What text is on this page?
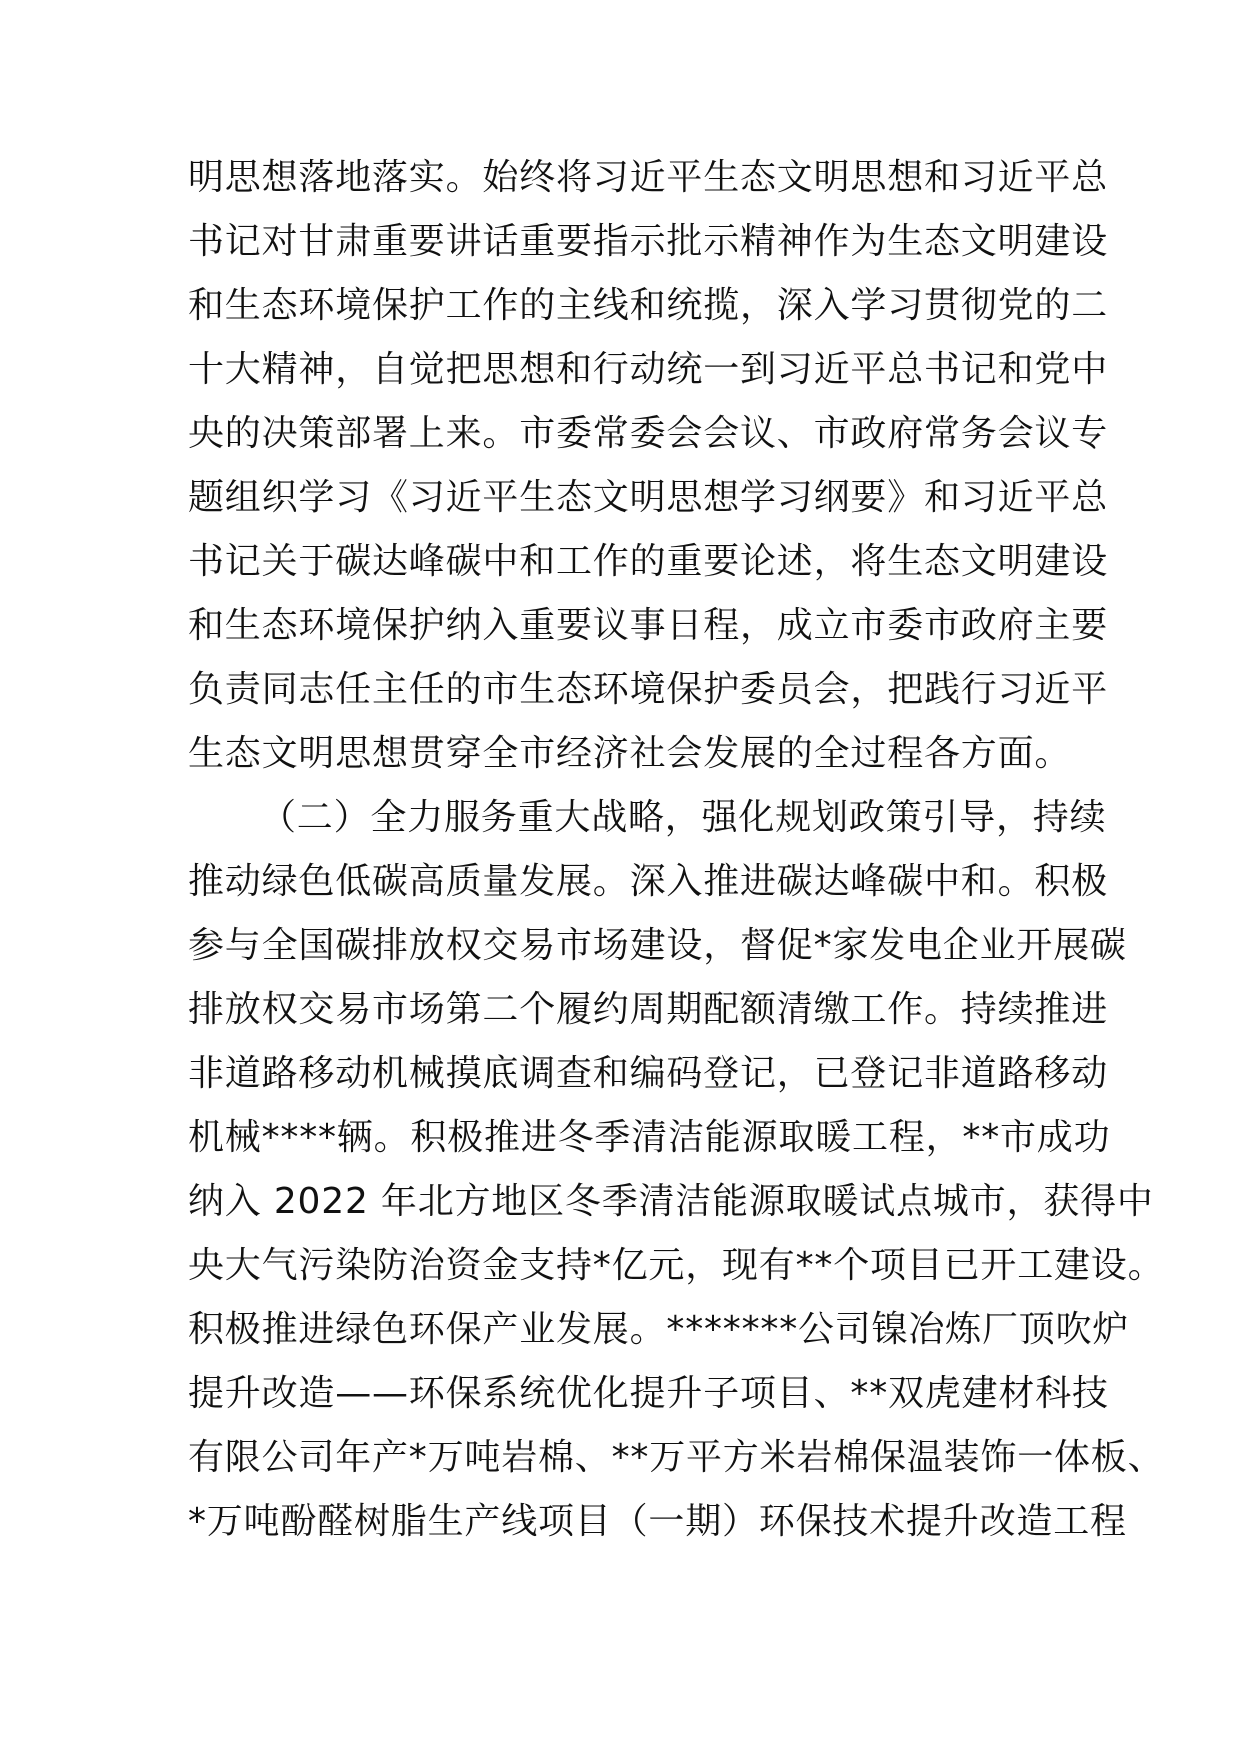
明思想落地落实。始终将习近平生态文明思想和习近平总
书记对甘肃重要讲话重要指示批示精神作为生态文明建设
和生态环境保护工作的主线和统揽，深入学习贯彻党的二
十大精神，自觉把思想和行动统一到习近平总书记和党中
央的决策部署上来。市委常委会会议、市政府常务会议专
题组织学习《习近平生态文明思想学习纲要》和习近平总
书记关于碳达峰碳中和工作的重要论述，将生态文明建设
和生态环境保护纳入重要议事日程，成立市委市政府主要
负责同志任主任的市生态环境保护委员会，把践行习近平
生态文明思想贯穿全市经济社会发展的全过程各方面。
（二）全力服务重大战略，强化规划政策引导，持续
推动绿色低碳高质量发展。深入推进碳达峰碳中和。积极
参与全国碳排放权交易市场建设，督促*家发电企业开展碳
排放权交易市场第二个履约周期配额清缴工作。持续推进
非道路移动机械摸底调查和编码登记，已登记非道路移动
机械****辆。积极推进冬季清洁能源取暖工程，**市成功
纳入 2022 年北方地区冬季清洁能源取暖试点城市，获得中
央大气污染防治资金支持*亿元，现有**个项目已开工建设。
积极推进绿色环保产业发展。*******公司镍冶炼厂顶吹炉
提升改造——环保系统优化提升子项目、**双虎建材科技
有限公司年产*万吨岩棉、**万平方米岩棉保温装饰一体板、
*万吨酚醛树脂生产线项目（一期）环保技术提升改造工程
